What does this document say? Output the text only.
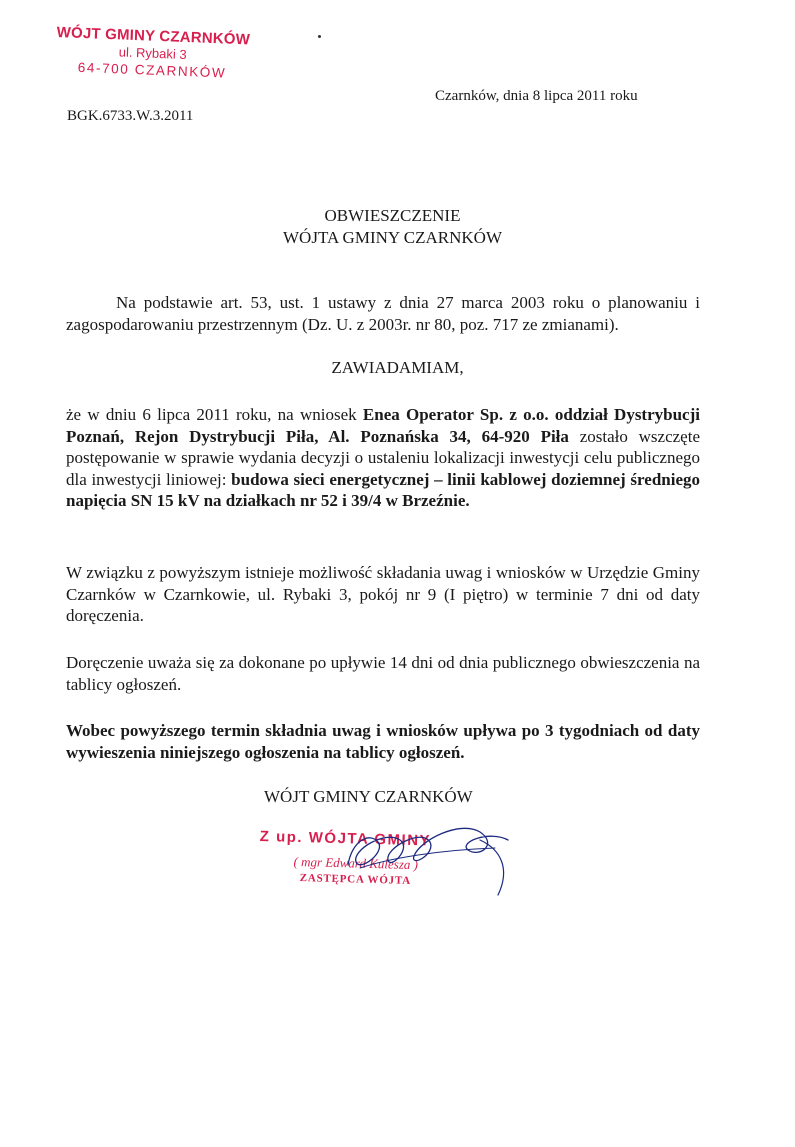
WÓJT GMINY CZARNKÓW
ul. Rybaki 3
64-700 CZARNKÓW
Czarnków, dnia 8 lipca 2011 roku
BGK.6733.W.3.2011
OBWIESZCZENIE
WÓJTA GMINY CZARNKÓW
Na podstawie art. 53, ust. 1 ustawy z dnia 27 marca 2003 roku o planowaniu i zagospodarowaniu przestrzennym (Dz. U. z 2003r. nr 80, poz. 717 ze zmianami).
ZAWIADAMIAM,
że w dniu 6 lipca 2011 roku, na wniosek Enea Operator Sp. z o.o. oddział Dystrybucji Poznań, Rejon Dystrybucji Piła, Al. Poznańska 34, 64-920 Piła zostało wszczęte postępowanie w sprawie wydania decyzji o ustaleniu lokalizacji inwestycji celu publicznego dla inwestycji liniowej: budowa sieci energetycznej – linii kablowej doziemnej średniego napięcia SN 15 kV na działkach nr 52 i 39/4 w Brzeźnie.
W związku z powyższym istnieje możliwość składania uwag i wniosków w Urzędzie Gminy Czarnków w Czarnkowie, ul. Rybaki 3, pokój nr 9 (I piętro) w terminie 7 dni od daty doręczenia.
Doręczenie uważa się za dokonane po upływie 14 dni od dnia publicznego obwieszczenia na tablicy ogłoszeń.
Wobec powyższego termin składnia uwag i wniosków upływa po 3 tygodniach od daty wywieszenia niniejszego ogłoszenia na tablicy ogłoszeń.
WÓJT GMINY CZARNKÓW
Z up. WÓJTA GMINY
( mgr Edward Kulesza )
ZASTĘPCA WÓJTA
